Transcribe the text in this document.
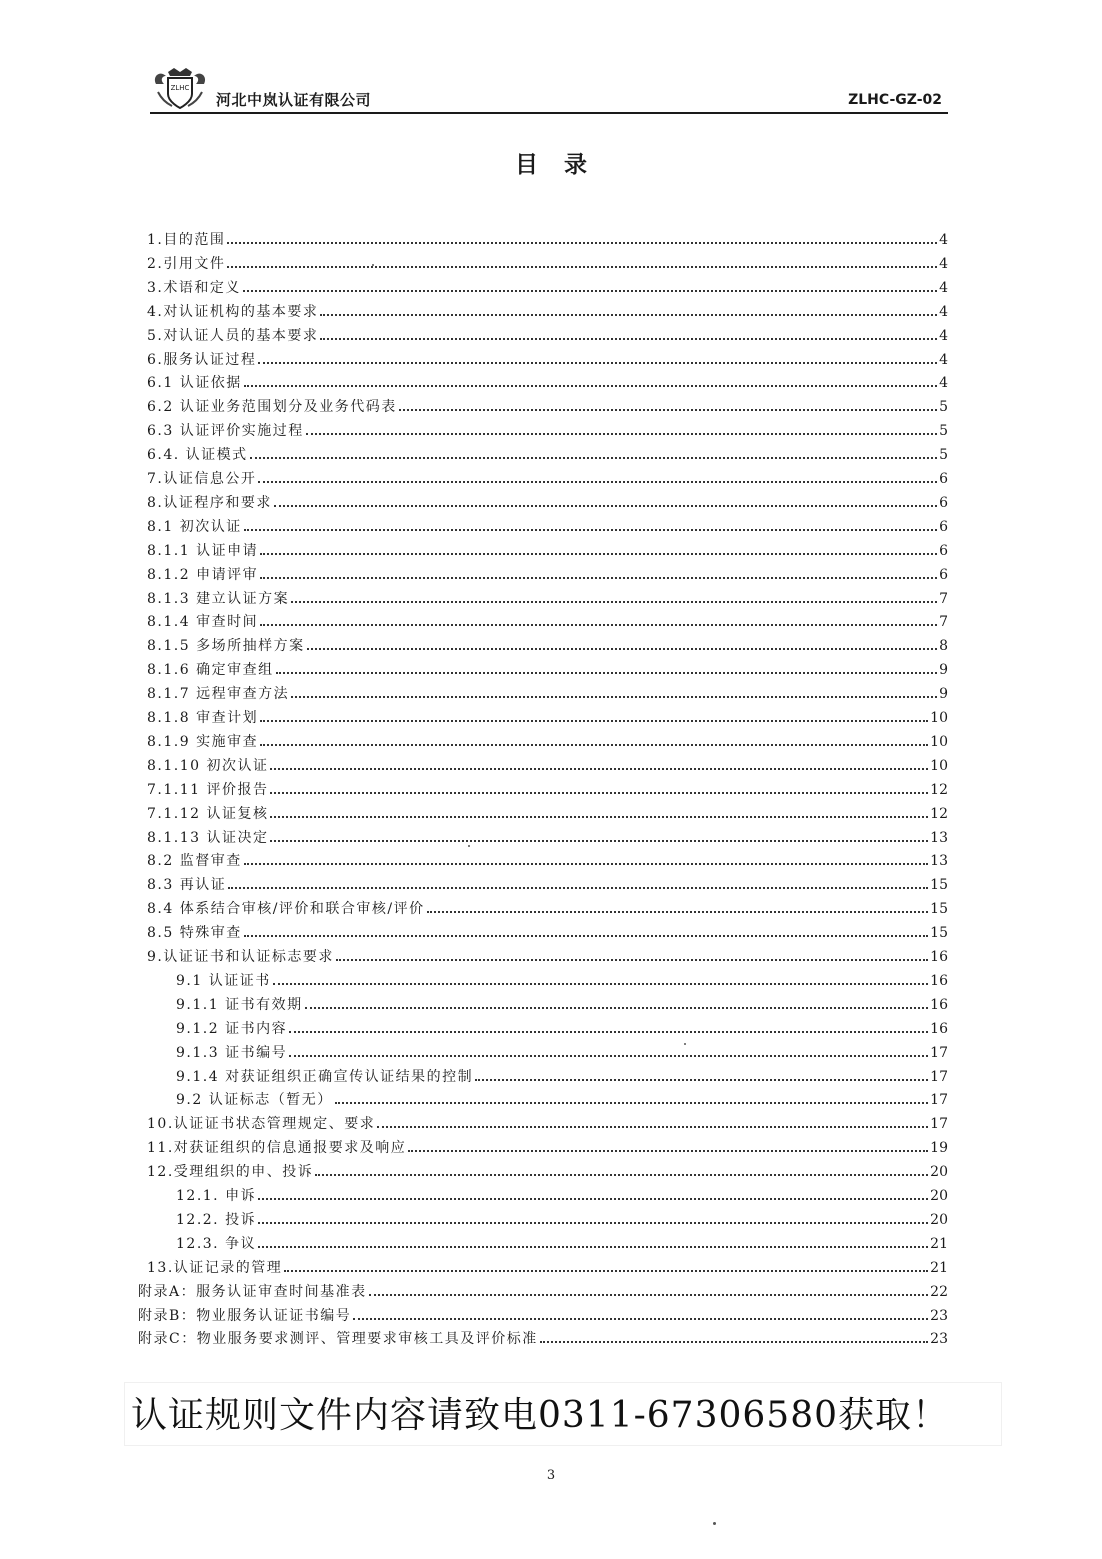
ZLHC
河北中岚认证有限公司	ZLHC-GZ-02
目录
1.目的范围	4
2.引用文件	4
3.术语和定义	4
4.对认证机构的基本要求	4
5.对认证人员的基本要求	4
6.服务认证过程	4
6.1 认证依据	4
6.2 认证业务范围划分及业务代码表	5
6.3 认证评价实施过程	5
6.4. 认证模式	5
7.认证信息公开	6
8.认证程序和要求	6
8.1 初次认证	6
8.1.1 认证申请	6
8.1.2 申请评审	6
8.1.3 建立认证方案	7
8.1.4 审查时间	7
8.1.5 多场所抽样方案	8
8.1.6 确定审查组	9
8.1.7 远程审查方法	9
8.1.8 审查计划	10
8.1.9 实施审查	10
8.1.10 初次认证	10
7.1.11 评价报告	12
7.1.12 认证复核	12
8.1.13 认证决定	13
8.2 监督审查	13
8.3 再认证	15
8.4 体系结合审核/评价和联合审核/评价	15
8.5 特殊审查	15
9.认证证书和认证标志要求	16
9.1 认证证书	16
9.1.1 证书有效期	16
9.1.2 证书内容	16
9.1.3 证书编号	17
9.1.4 对获证组织正确宣传认证结果的控制	17
9.2 认证标志（暂无）	17
10.认证证书状态管理规定、要求	17
11.对获证组织的信息通报要求及响应	19
12.受理组织的申、投诉	20
12.1. 申诉	20
12.2. 投诉	20
12.3. 争议	21
13.认证记录的管理	21
附录A：服务认证审查时间基准表	22
附录B：物业服务认证证书编号	23
附录C：物业服务要求测评、管理要求审核工具及评价标准	23
认证规则文件内容请致电0311-67306580获取！
3
